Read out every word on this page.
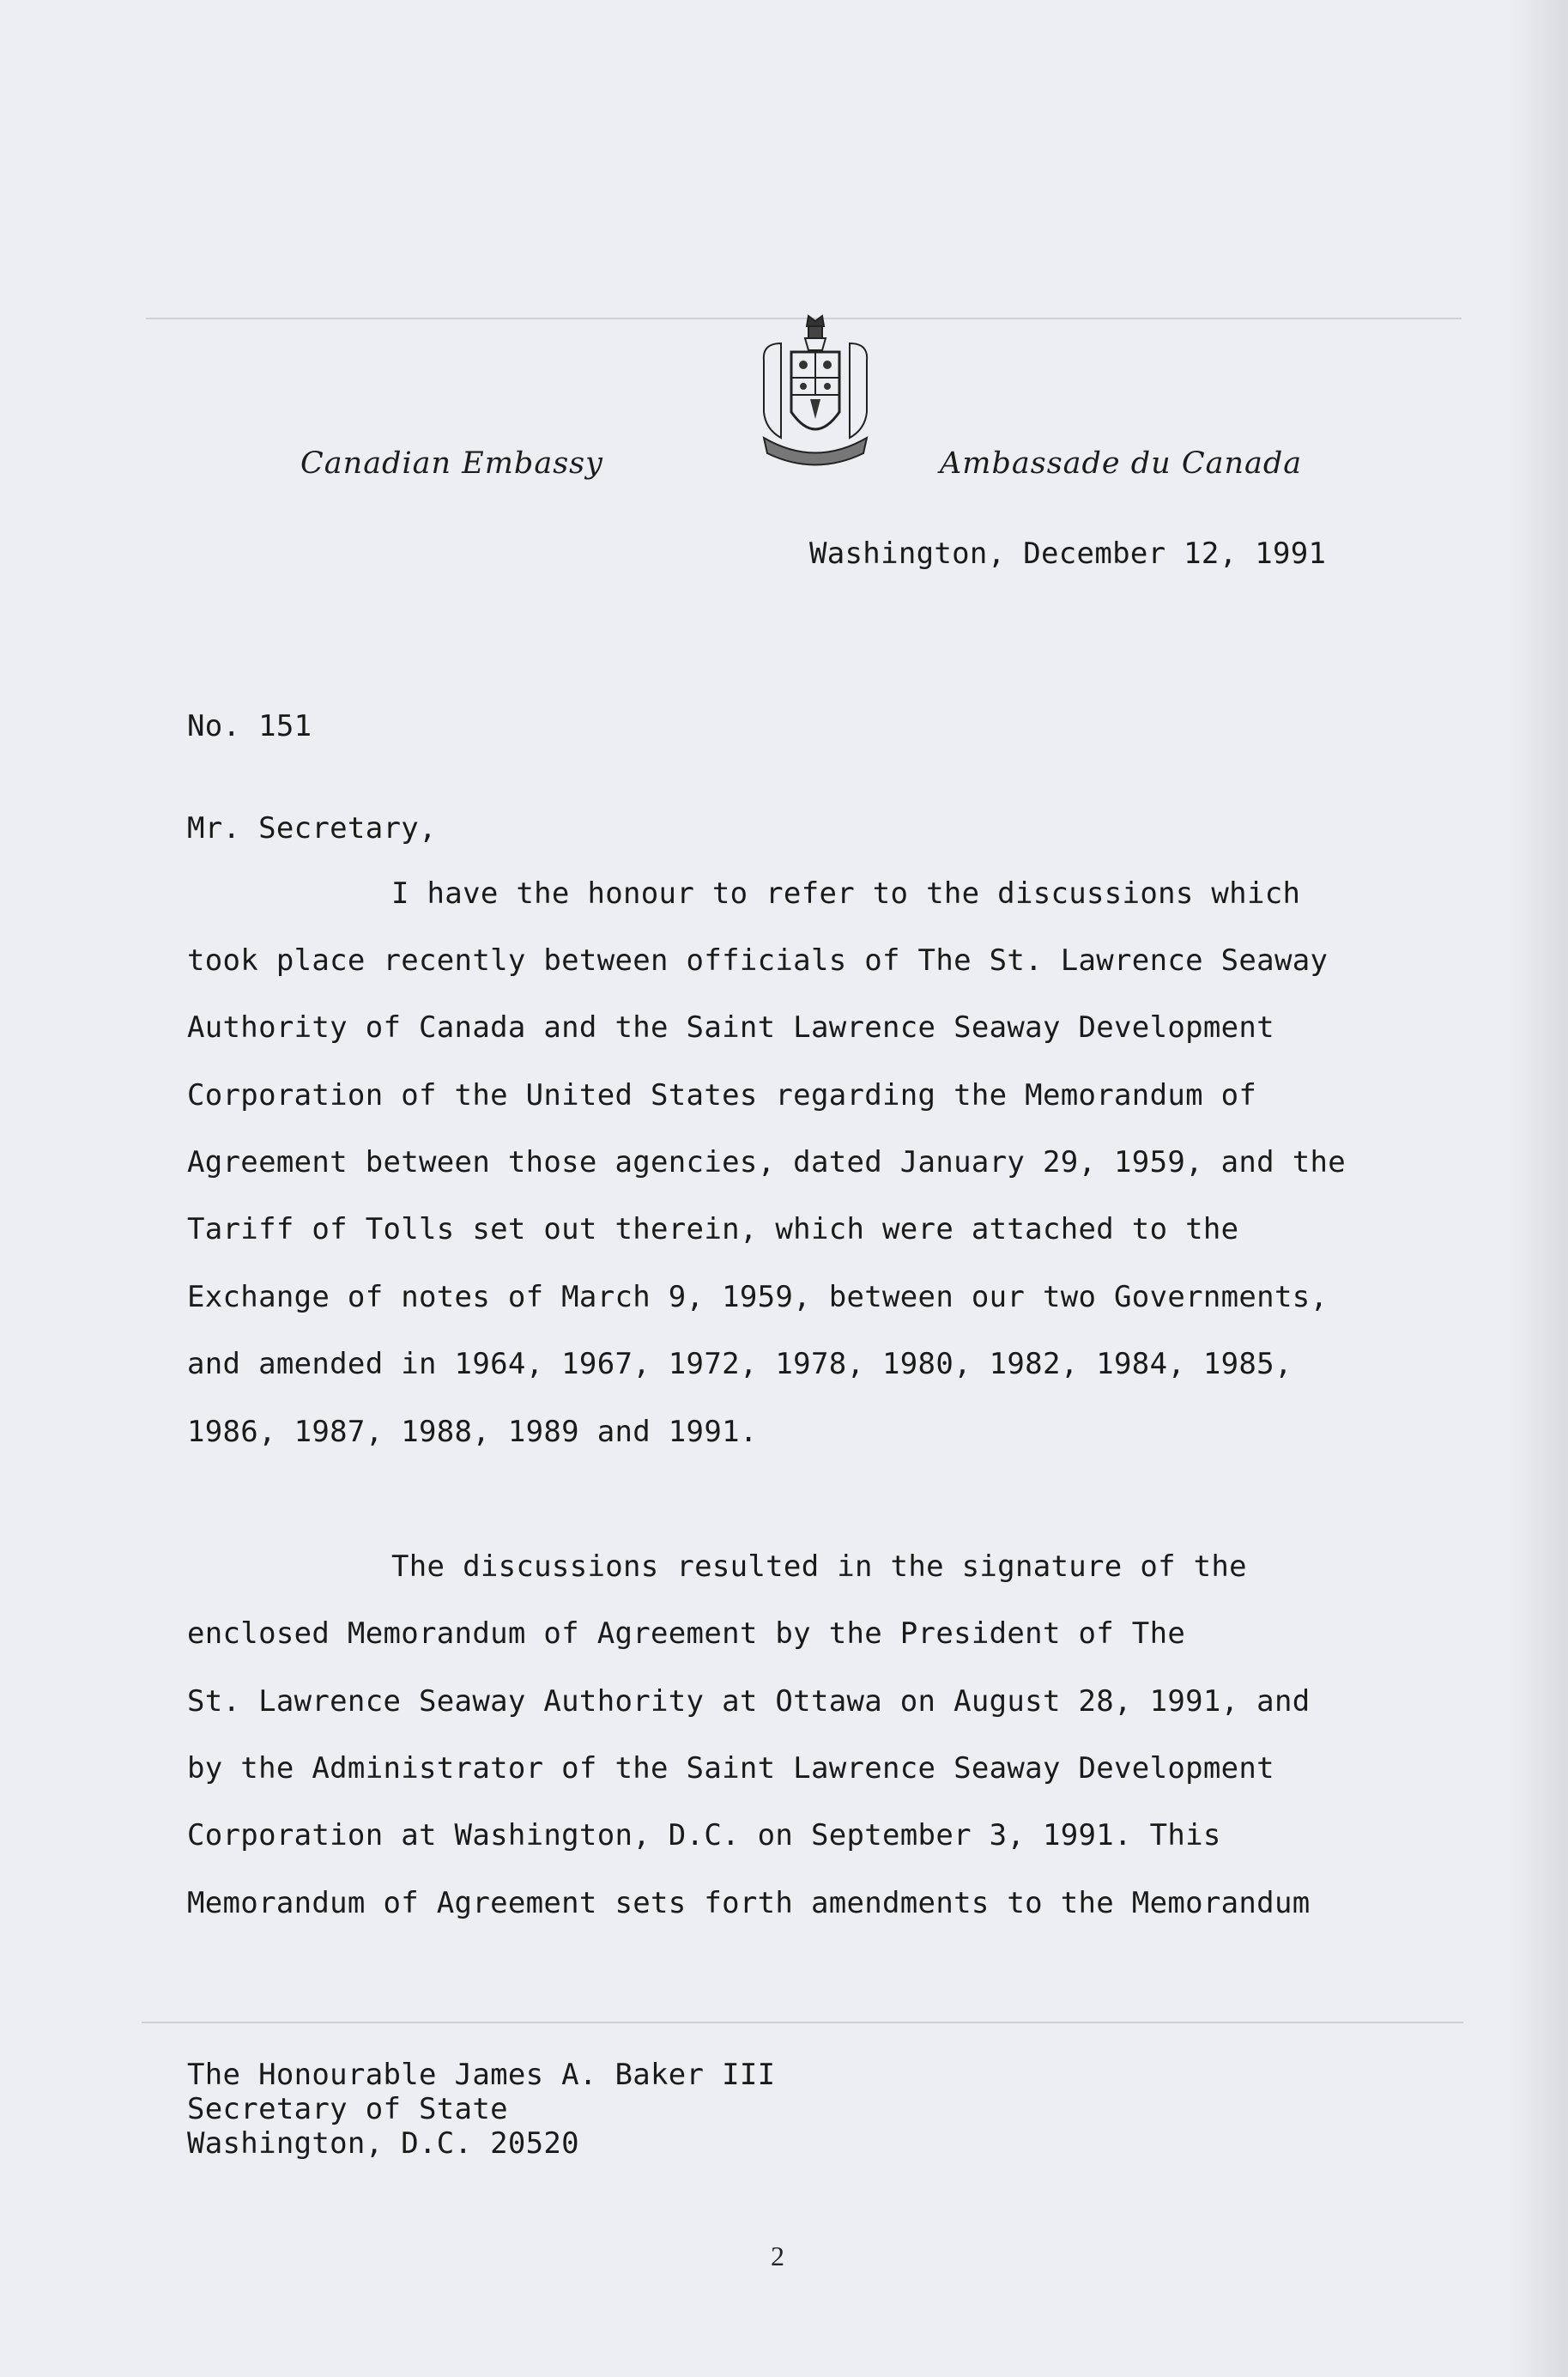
Canadian Embassy	Ambassade du Canada
Washington, December 12, 1991
No. 151
Mr. Secretary,
I have the honour to refer to the discussions which
took place recently between officials of The St. Lawrence Seaway
Authority of Canada and the Saint Lawrence Seaway Development
Corporation of the United States regarding the Memorandum of
Agreement between those agencies, dated January 29, 1959, and the
Tariff of Tolls set out therein, which were attached to the
Exchange of notes of March 9, 1959, between our two Governments,
and amended in 1964, 1967, 1972, 1978, 1980, 1982, 1984, 1985,
1986, 1987, 1988, 1989 and 1991.
The discussions resulted in the signature of the
enclosed Memorandum of Agreement by the President of The
St. Lawrence Seaway Authority at Ottawa on August 28, 1991, and
by the Administrator of the Saint Lawrence Seaway Development
Corporation at Washington, D.C. on September 3, 1991. This
Memorandum of Agreement sets forth amendments to the Memorandum
The Honourable James A. Baker III
Secretary of State
Washington, D.C. 20520
2
